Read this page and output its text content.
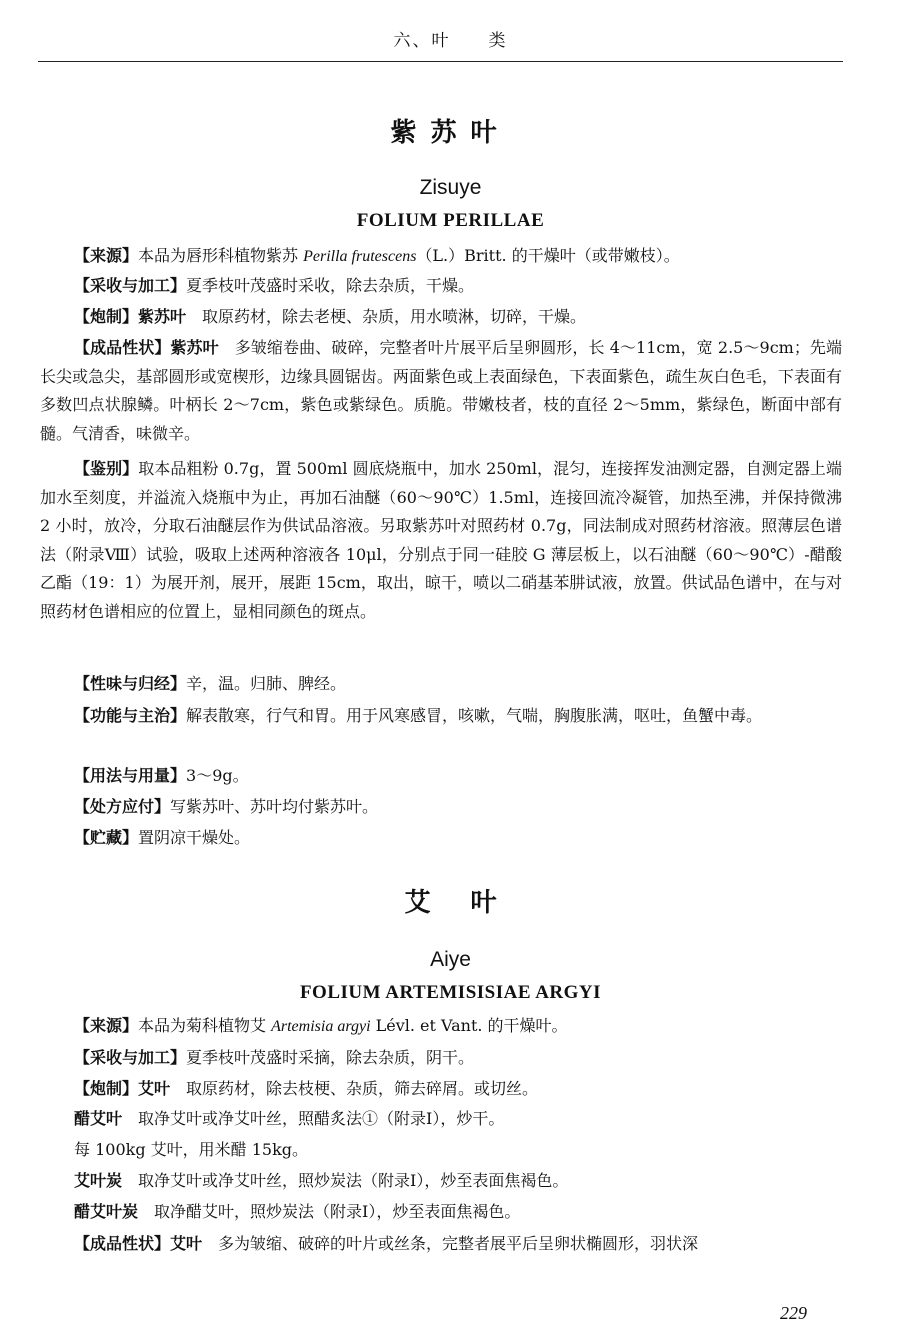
六、叶　　类
紫苏叶
Zisuye
FOLIUM PERILLAE
【来源】本品为唇形科植物紫苏 Perilla frutescens（L.）Britt. 的干燥叶（或带嫩枝）。
【采收与加工】夏季枝叶茂盛时采收，除去杂质，干燥。
【炮制】紫苏叶　取原药材，除去老梗、杂质，用水喷淋，切碎，干燥。
【成品性状】紫苏叶　多皱缩卷曲、破碎，完整者叶片展平后呈卵圆形，长 4～11cm，宽 2.5～9cm；先端长尖或急尖，基部圆形或宽楔形，边缘具圆锯齿。两面紫色或上表面绿色，下表面紫色，疏生灰白色毛，下表面有多数凹点状腺鳞。叶柄长 2～7cm，紫色或紫绿色。质脆。带嫩枝者，枝的直径 2～5mm，紫绿色，断面中部有髓。气清香，味微辛。
【鉴别】取本品粗粉 0.7g，置 500ml 圆底烧瓶中，加水 250ml，混匀，连接挥发油测定器，自测定器上端加水至刻度，并溢流入烧瓶中为止，再加石油醚（60～90℃）1.5ml，连接回流冷凝管，加热至沸，并保持微沸 2 小时，放冷，分取石油醚层作为供试品溶液。另取紫苏叶对照药材 0.7g，同法制成对照药材溶液。照薄层色谱法（附录Ⅷ）试验，吸取上述两种溶液各 10μl，分别点于同一硅胶 G 薄层板上，以石油醚（60～90℃）-醋酸乙酯（19：1）为展开剂，展开，展距 15cm，取出，晾干，喷以二硝基苯肼试液，放置。供试品色谱中，在与对照药材色谱相应的位置上，显相同颜色的斑点。
【性味与归经】辛，温。归肺、脾经。
【功能与主治】解表散寒，行气和胃。用于风寒感冒，咳嗽，气喘，胸腹胀满，呕吐，鱼蟹中毒。
【用法与用量】3～9g。
【处方应付】写紫苏叶、苏叶均付紫苏叶。
【贮藏】置阴凉干燥处。
艾叶
Aiye
FOLIUM ARTEMISISIAE ARGYI
【来源】本品为菊科植物艾 Artemisia argyi Lévl. et Vant. 的干燥叶。
【采收与加工】夏季枝叶茂盛时采摘，除去杂质，阴干。
【炮制】艾叶　取原药材，除去枝梗、杂质，筛去碎屑。或切丝。
醋艾叶　取净艾叶或净艾叶丝，照醋炙法①（附录Ⅰ），炒干。
每 100kg 艾叶，用米醋 15kg。
艾叶炭　取净艾叶或净艾叶丝，照炒炭法（附录Ⅰ），炒至表面焦褐色。
醋艾叶炭　取净醋艾叶，照炒炭法（附录Ⅰ），炒至表面焦褐色。
【成品性状】艾叶　多为皱缩、破碎的叶片或丝条，完整者展平后呈卵状椭圆形，羽状深
229
